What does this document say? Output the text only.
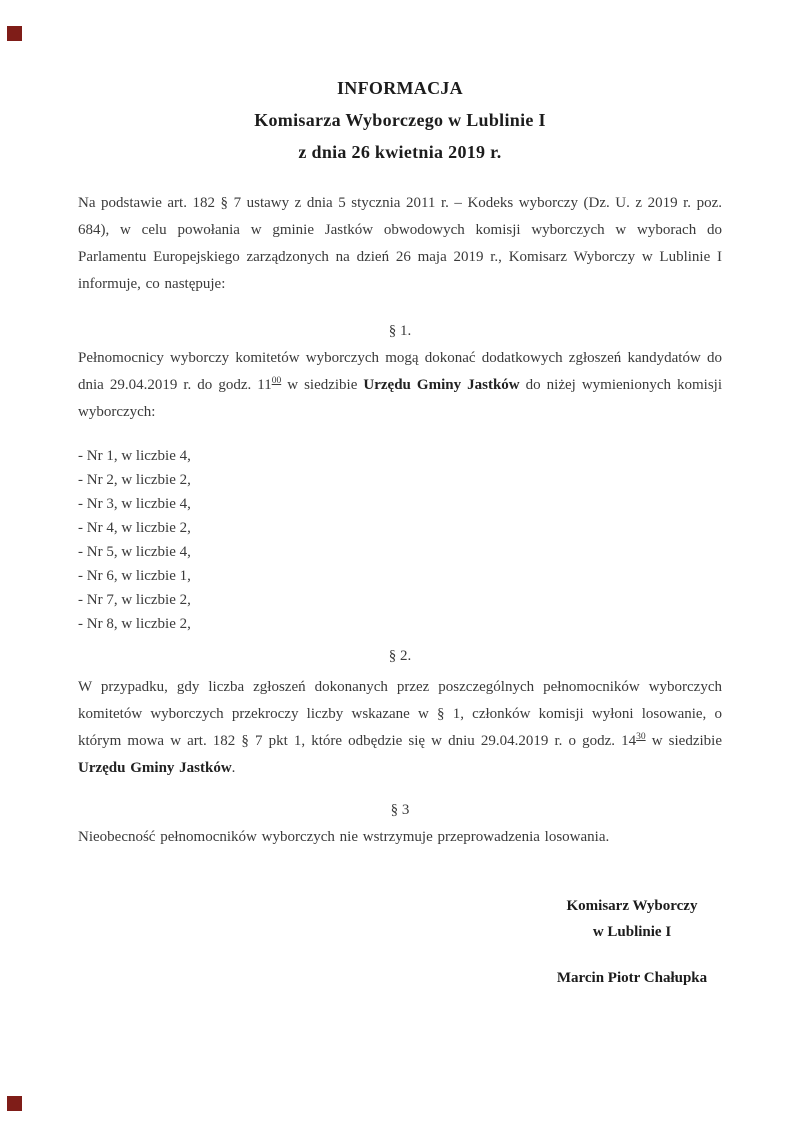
INFORMACJA
Komisarza Wyborczego w Lublinie I
z dnia 26 kwietnia 2019 r.

Na podstawie art. 182 § 7 ustawy z dnia 5 stycznia 2011 r. – Kodeks wyborczy (Dz. U. z 2019 r. poz. 684), w celu powołania w gminie Jastków obwodowych komisji wyborczych w wyborach do Parlamentu Europejskiego zarządzonych na dzień 26 maja 2019 r., Komisarz Wyborczy w Lublinie I informuje, co następuje:

§ 1.

Pełnomocnicy wyborczy komitetów wyborczych mogą dokonać dodatkowych zgłoszeń kandydatów do dnia 29.04.2019 r. do godz. $11^{00}$ w siedzibie Urzędu Gminy Jastków do niżej wymienionych komisji wyborczych:

- Nr 1, w liczbie 4,
- Nr 2, w liczbie 2,
- Nr 3, w liczbie 4,
- Nr 4, w liczbie 2,
- Nr 5, w liczbie 4,
- Nr 6, w liczbie 1,
- Nr 7, w liczbie 2,
- Nr 8, w liczbie 2,
§ 2.

W przypadku, gdy liczba zgłoszeń dokonanych przez poszczególnych pełnomocników wyborczych komitetów wyborczych przekroczy liczby wskazane w § 1, członków komisji wyłoni losowanie, o którym mowa w art. 182 § 7 pkt 1, które odbędzie się w dniu 29.04.2019 r. o godz. $14^{30}$ w siedzibie Urzędu Gminy Jastków.

§ 3

Nieobecność pełnomocników wyborczych nie wstrzymuje przeprowadzenia losowania.

Komisarz Wyborczy
w Lublinie I
Marcin Piotr Chałupka
